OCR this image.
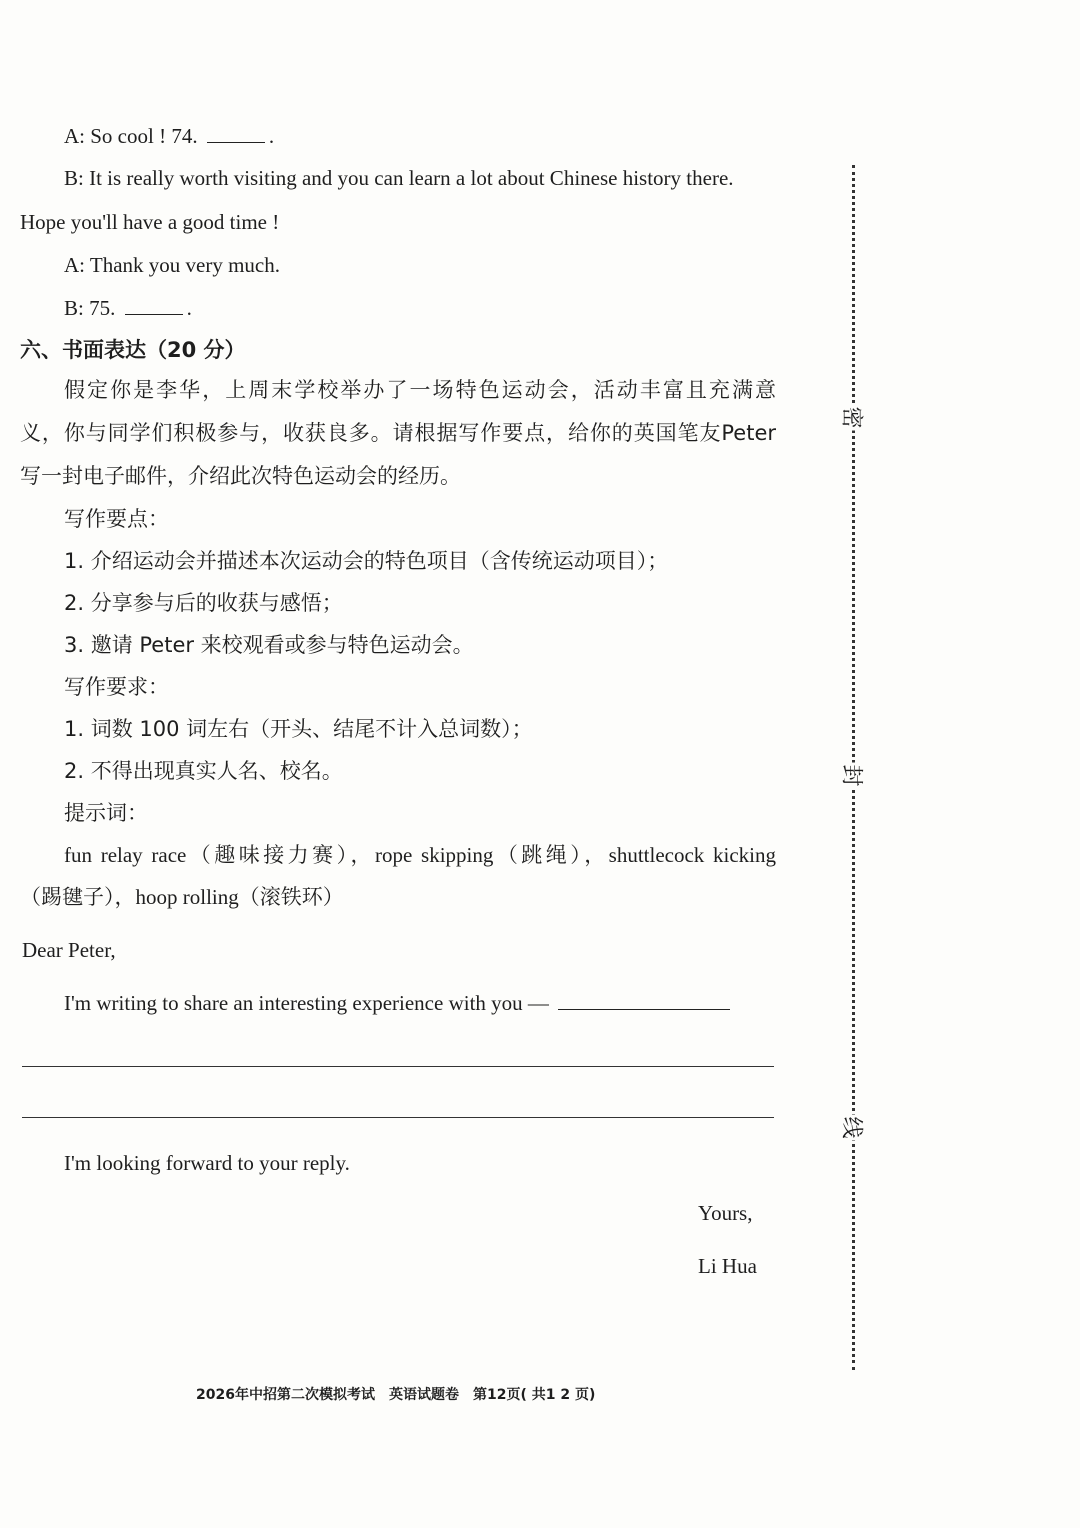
A: So cool ! 74.	.
B: It is really worth visiting and you can learn a lot about Chinese history there.
Hope you'll have a good time !
A: Thank you very much.
B: 75.	.
六、书面表达（20 分）
假定你是李华，上周末学校举办了一场特色运动会，活动丰富且充满意
义，你与同学们积极参与，收获良多。请根据写作要点，给你的英国笔友Peter
写一封电子邮件，介绍此次特色运动会的经历。
写作要点：
1. 介绍运动会并描述本次运动会的特色项目（含传统运动项目）；
2. 分享参与后的收获与感悟；
3. 邀请 Peter 来校观看或参与特色运动会。
写作要求：
1. 词数 100 词左右（开头、结尾不计入总词数）；
2. 不得出现真实人名、校名。
提示词：
fun relay race（趣味接力赛），rope skipping（跳绳），shuttlecock kicking
（踢毽子），hoop rolling（滚铁环）
Dear Peter,
I'm writing to share an interesting experience with you —
I'm looking forward to your reply.
Yours,
Li Hua
密
封
线
2026年中招第二次模拟考试 英语试题卷 第12页( 共1 2 页)
